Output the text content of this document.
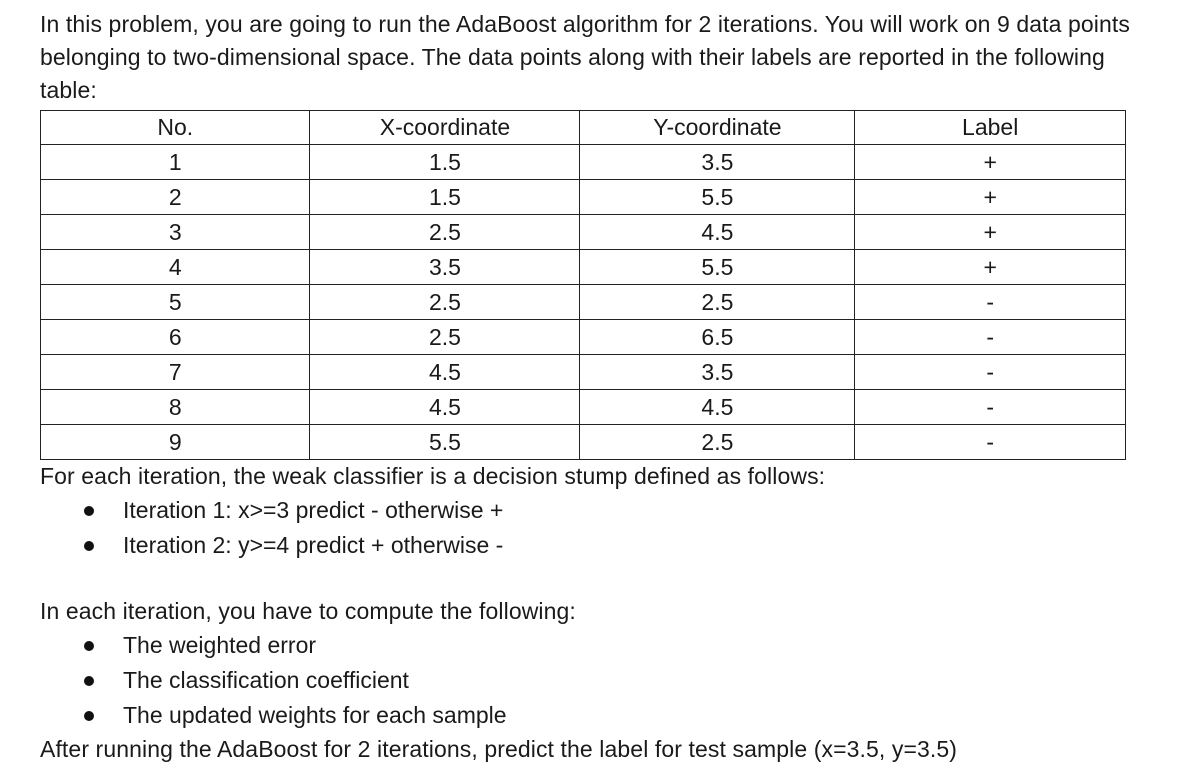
In this problem, you are going to run the AdaBoost algorithm for 2 iterations. You will work on 9 data points belonging to two-dimensional space. The data points along with their labels are reported in the following table:

No.	X-coordinate	Y-coordinate	Label
1	1.5	3.5	+
2	1.5	5.5	+
3	2.5	4.5	+
4	3.5	5.5	+
5	2.5	2.5	-
6	2.5	6.5	-
7	4.5	3.5	-
8	4.5	4.5	-
9	5.5	2.5	-

For each iteration, the weak classifier is a decision stump defined as follows:

Iteration 1: x>=3 predict - otherwise +
Iteration 2: y>=4 predict + otherwise -

In each iteration, you have to compute the following:

The weighted error
The classification coefficient
The updated weights for each sample

After running the AdaBoost for 2 iterations, predict the label for test sample (x=3.5, y=3.5)
